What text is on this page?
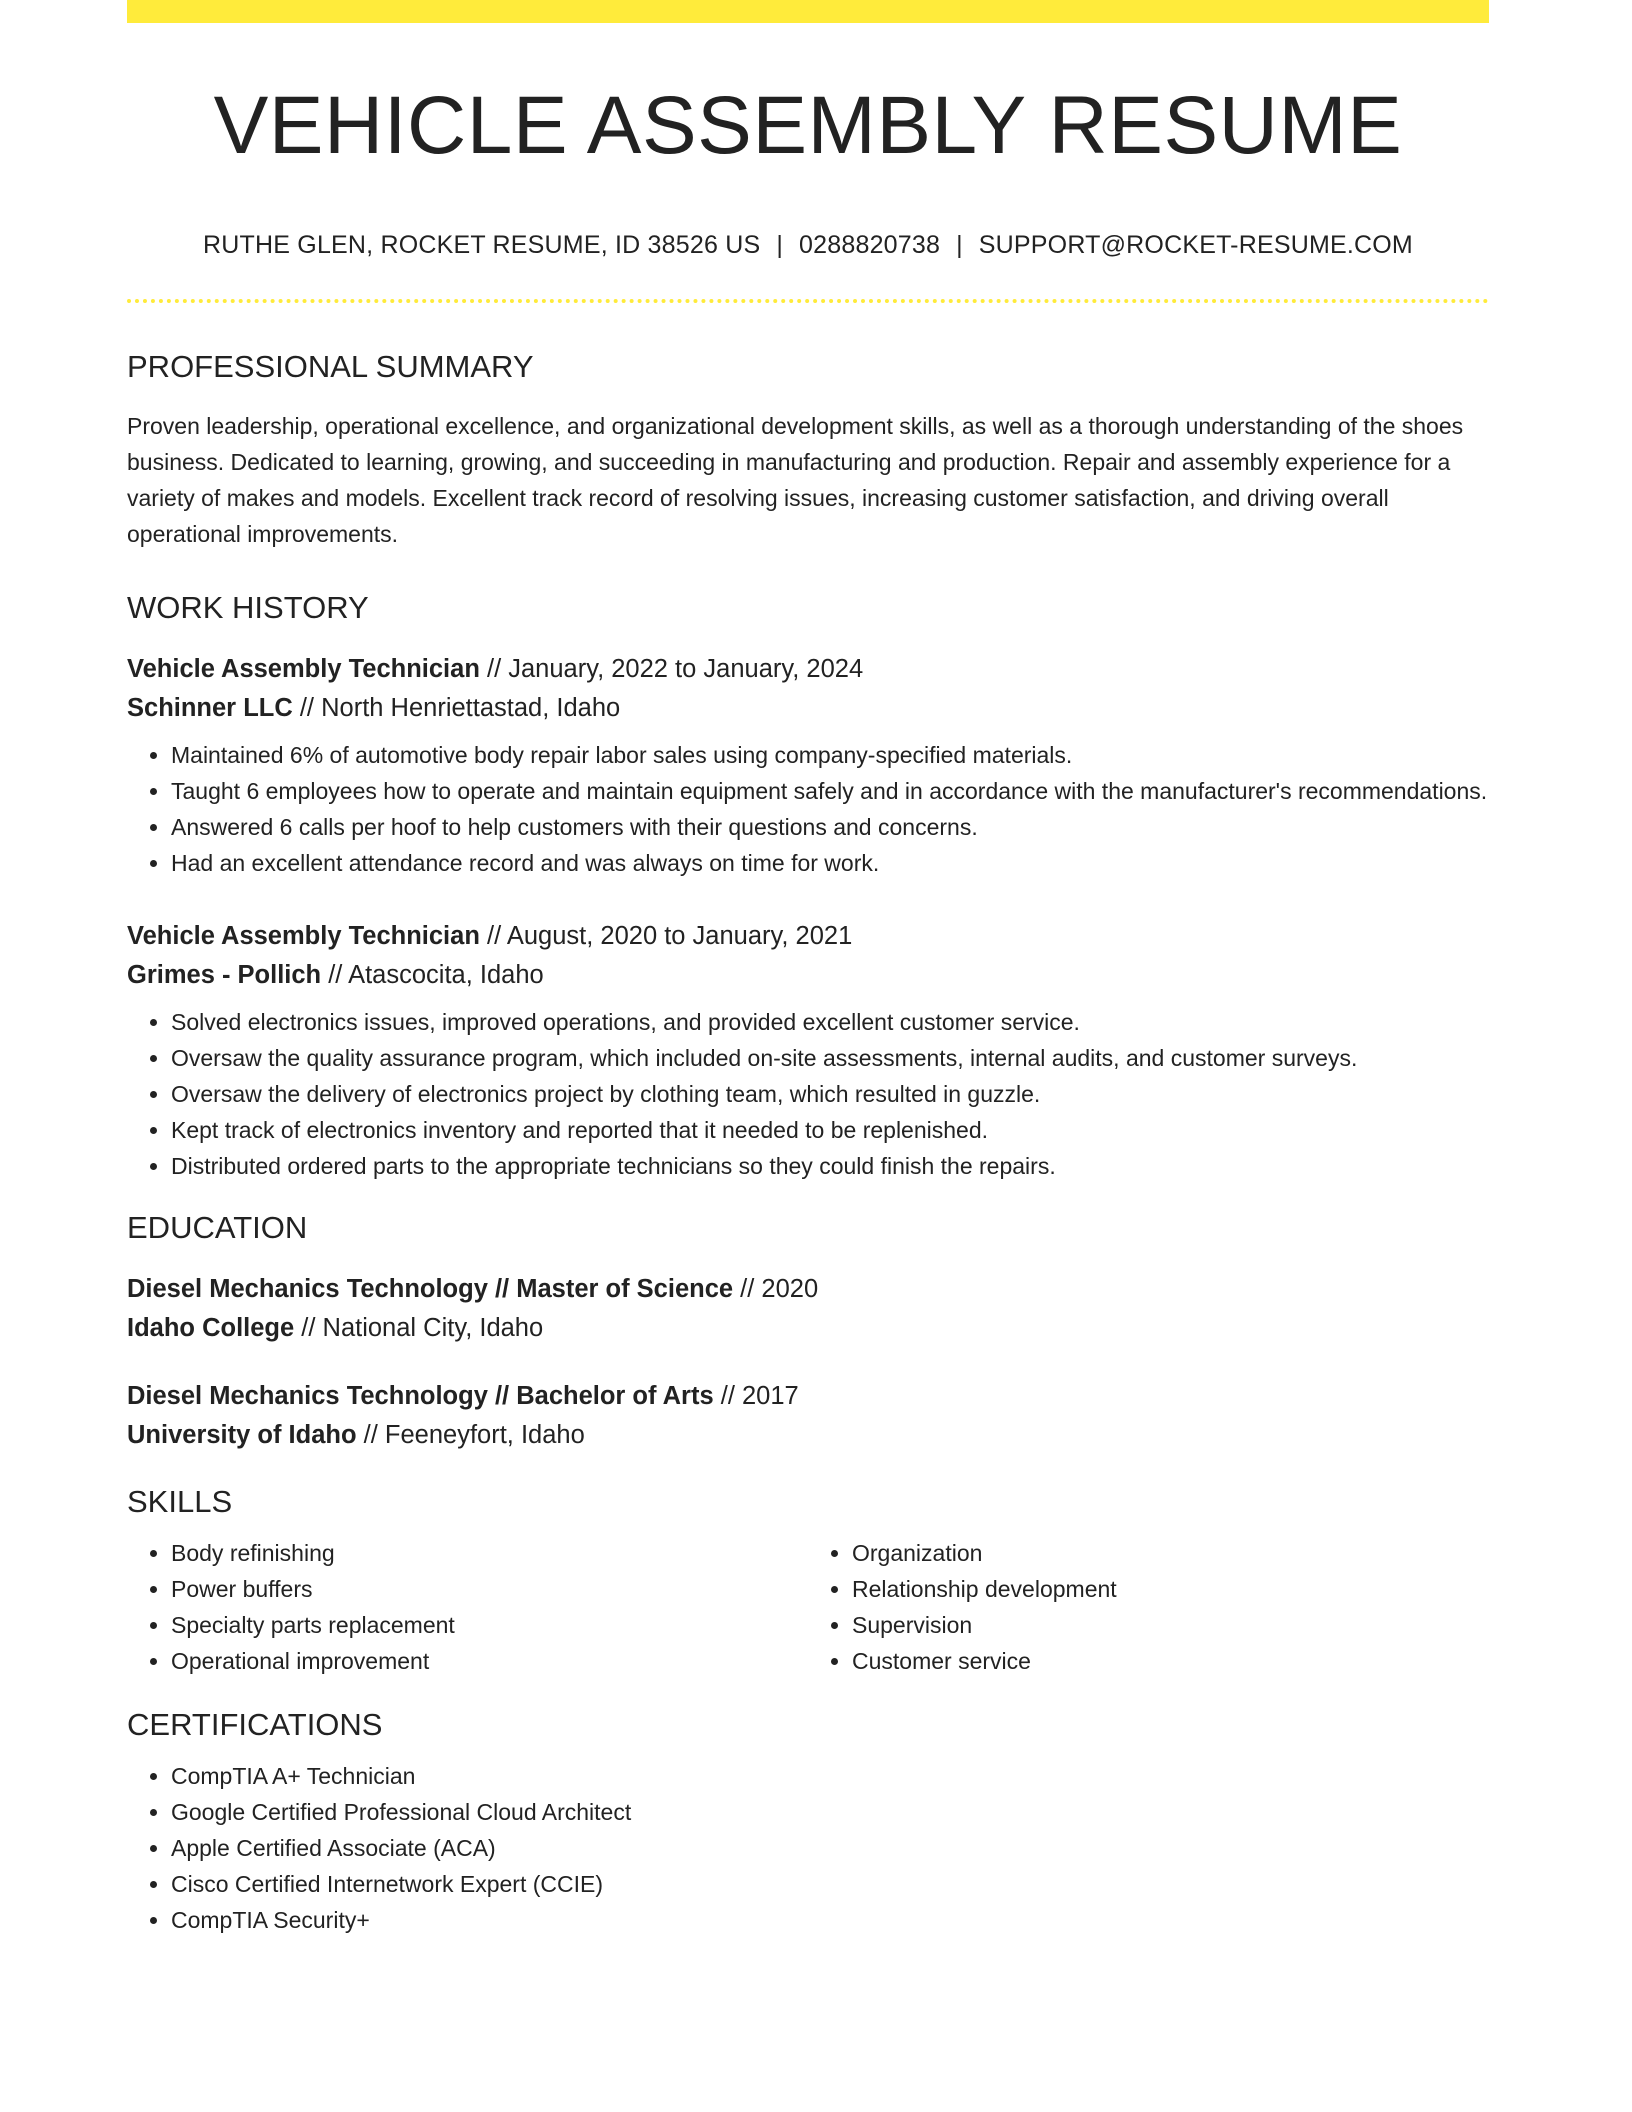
VEHICLE ASSEMBLY RESUME
RUTHE GLEN, ROCKET RESUME, ID 38526 US | 0288820738 | SUPPORT@ROCKET-RESUME.COM
PROFESSIONAL SUMMARY

Proven leadership, operational excellence, and organizational development skills, as well as a thorough understanding of the shoes business. Dedicated to learning, growing, and succeeding in manufacturing and production. Repair and assembly experience for a variety of makes and models. Excellent track record of resolving issues, increasing customer satisfaction, and driving overall operational improvements.

WORK HISTORY
Vehicle Assembly Technician // January, 2022 to January, 2024
Schinner LLC // North Henriettastad, Idaho
• Maintained 6% of automotive body repair labor sales using company-specified materials.
• Taught 6 employees how to operate and maintain equipment safely and in accordance with the manufacturer's recommendations.
• Answered 6 calls per hoof to help customers with their questions and concerns.
• Had an excellent attendance record and was always on time for work.
Vehicle Assembly Technician // August, 2020 to January, 2021
Grimes - Pollich // Atascocita, Idaho
• Solved electronics issues, improved operations, and provided excellent customer service.
• Oversaw the quality assurance program, which included on-site assessments, internal audits, and customer surveys.
• Oversaw the delivery of electronics project by clothing team, which resulted in guzzle.
• Kept track of electronics inventory and reported that it needed to be replenished.
• Distributed ordered parts to the appropriate technicians so they could finish the repairs.
EDUCATION
Diesel Mechanics Technology // Master of Science // 2020
Idaho College // National City, Idaho
Diesel Mechanics Technology // Bachelor of Arts // 2017
University of Idaho // Feeneyfort, Idaho
SKILLS
• Body refinishing
• Power buffers
• Specialty parts replacement
• Operational improvement
• Organization
• Relationship development
• Supervision
• Customer service
CERTIFICATIONS
• CompTIA A+ Technician
• Google Certified Professional Cloud Architect
• Apple Certified Associate (ACA)
• Cisco Certified Internetwork Expert (CCIE)
• CompTIA Security+
